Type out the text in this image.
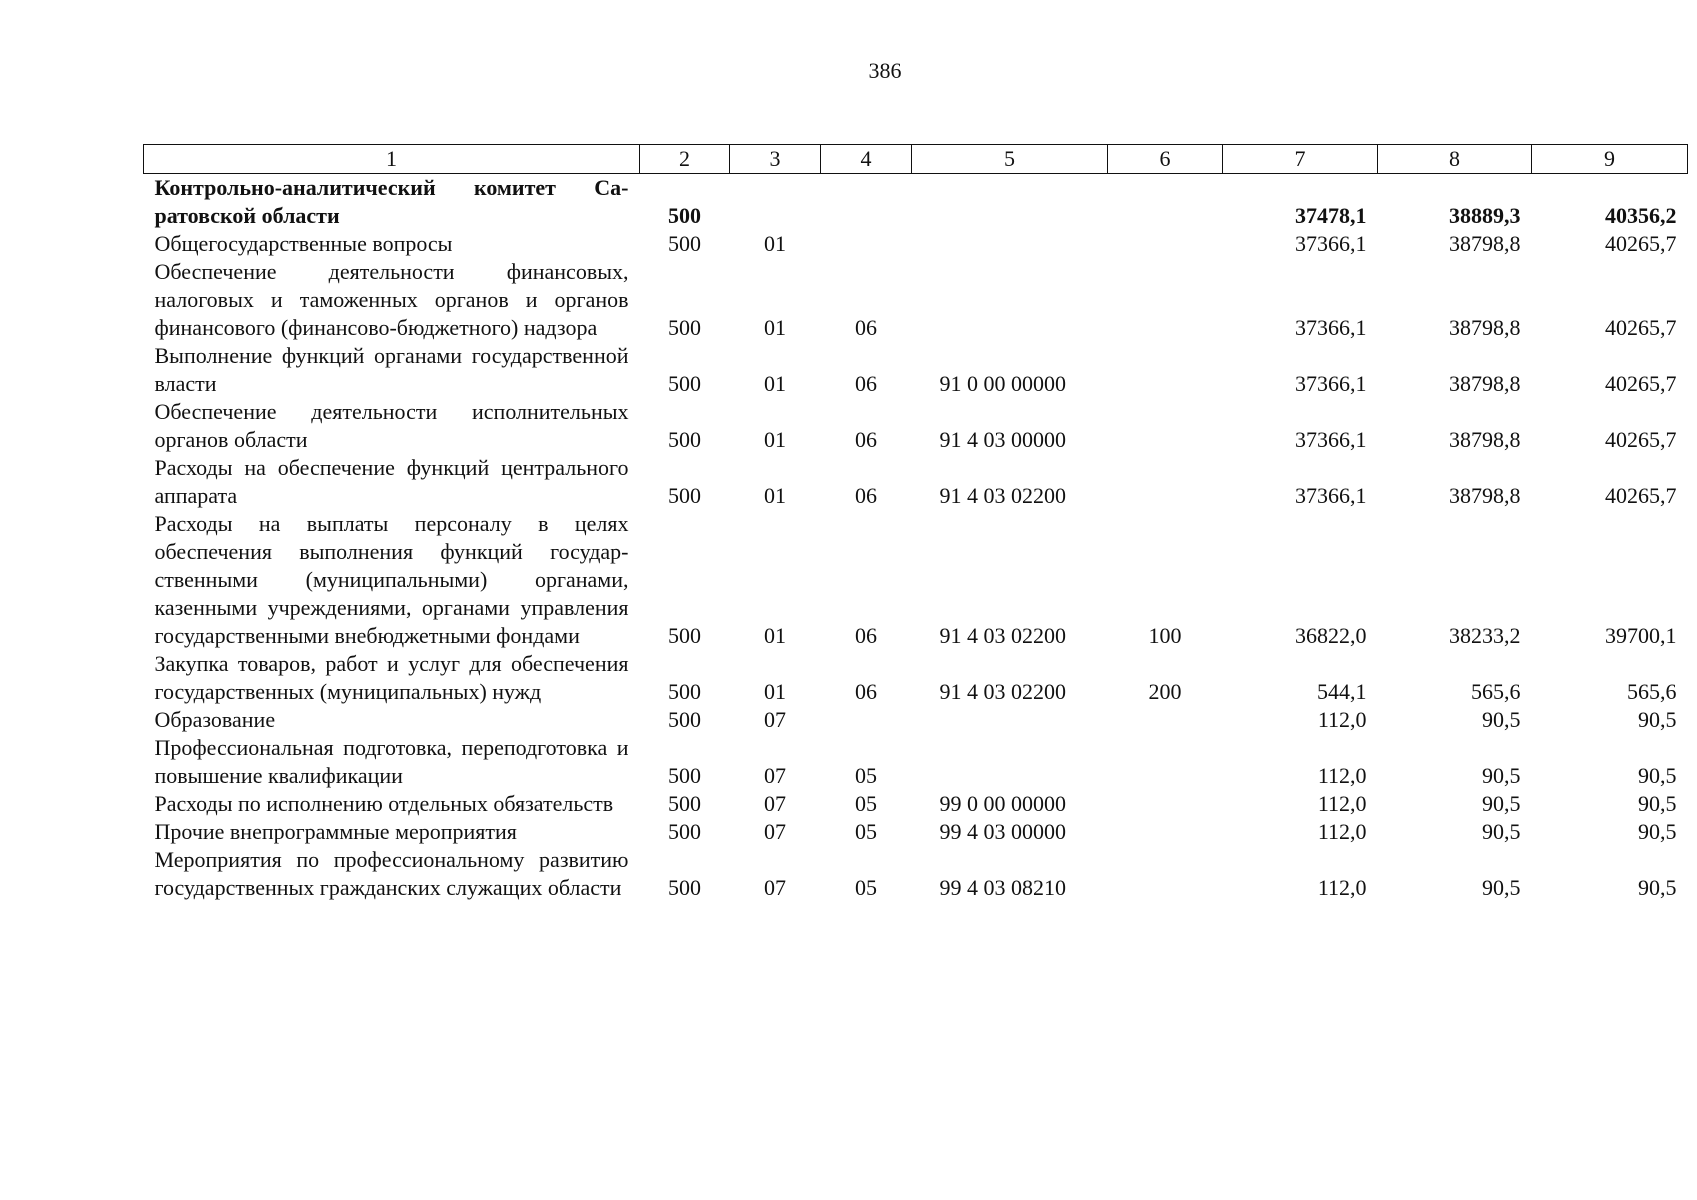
386
1	2	3	4	5	6	7	8	9
Контрольно-аналитический комитет Саратовской области	500					37478,1	38889,3	40356,2
Общегосударственные вопросы	500	01				37366,1	38798,8	40265,7
Обеспечение деятельности финансовых, налоговых и таможенных органов и органов финансового (финансово-бюджетного) надзора	500	01	06			37366,1	38798,8	40265,7
Выполнение функций органами государственной власти	500	01	06	91 0 00 00000		37366,1	38798,8	40265,7
Обеспечение деятельности исполнительных органов области	500	01	06	91 4 03 00000		37366,1	38798,8	40265,7
Расходы на обеспечение функций центрального аппарата	500	01	06	91 4 03 02200		37366,1	38798,8	40265,7
Расходы на выплаты персоналу в целях обеспечения выполнения функций государственными (муниципальными) органами, казенными учреждениями, органами управления государственными внебюджетными фондами	500	01	06	91 4 03 02200	100	36822,0	38233,2	39700,1
Закупка товаров, работ и услуг для обеспечения государственных (муниципальных) нужд	500	01	06	91 4 03 02200	200	544,1	565,6	565,6
Образование	500	07				112,0	90,5	90,5
Профессиональная подготовка, переподготовка и повышение квалификации	500	07	05			112,0	90,5	90,5
Расходы по исполнению отдельных обязательств	500	07	05	99 0 00 00000		112,0	90,5	90,5
Прочие внепрограммные мероприятия	500	07	05	99 4 03 00000		112,0	90,5	90,5
Мероприятия по профессиональному развитию государственных гражданских служащих области	500	07	05	99 4 03 08210		112,0	90,5	90,5
